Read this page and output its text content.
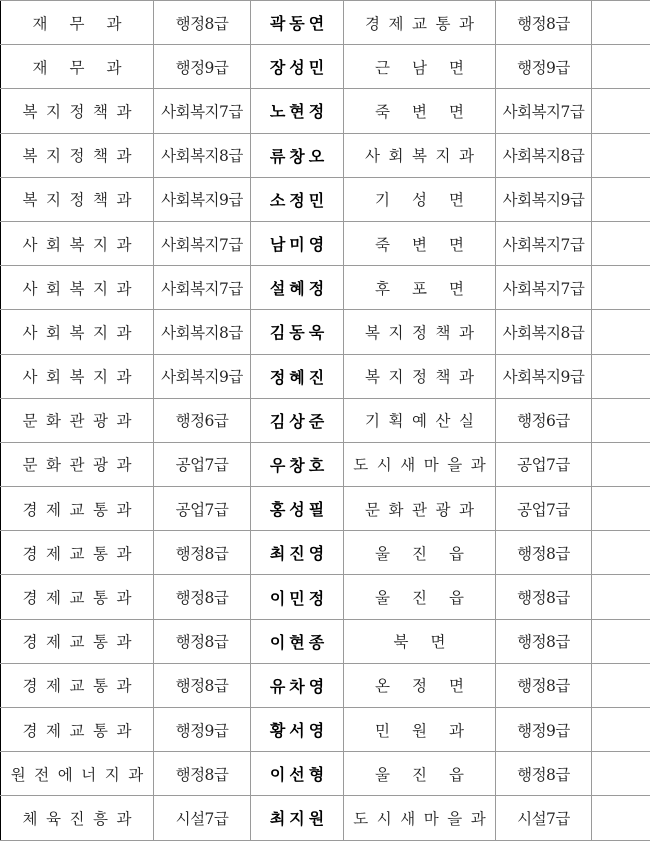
재 무 과	행정8급	곽동연	경제교통과	행정8급	
재 무 과	행정9급	장성민	근 남 면	행정9급	
복지정책과	사회복지7급	노현정	죽 변 면	사회복지7급	
복지정책과	사회복지8급	류창오	사회복지과	사회복지8급	
복지정책과	사회복지9급	소정민	기 성 면	사회복지9급	
사회복지과	사회복지7급	남미영	죽 변 면	사회복지7급	
사회복지과	사회복지7급	설혜정	후 포 면	사회복지7급	
사회복지과	사회복지8급	김동욱	복지정책과	사회복지8급	
사회복지과	사회복지9급	정혜진	복지정책과	사회복지9급	
문화관광과	행정6급	김상준	기획예산실	행정6급	
문화관광과	공업7급	우창호	도시새마을과	공업7급	
경제교통과	공업7급	홍성필	문화관광과	공업7급	
경제교통과	행정8급	최진영	울 진 읍	행정8급	
경제교통과	행정8급	이민정	울 진 읍	행정8급	
경제교통과	행정8급	이현종	북 면	행정8급	
경제교통과	행정8급	유차영	온 정 면	행정8급	
경제교통과	행정9급	황서영	민 원 과	행정9급	
원전에너지과	행정8급	이선형	울 진 읍	행정8급	
체육진흥과	시설7급	최지원	도시새마을과	시설7급	
